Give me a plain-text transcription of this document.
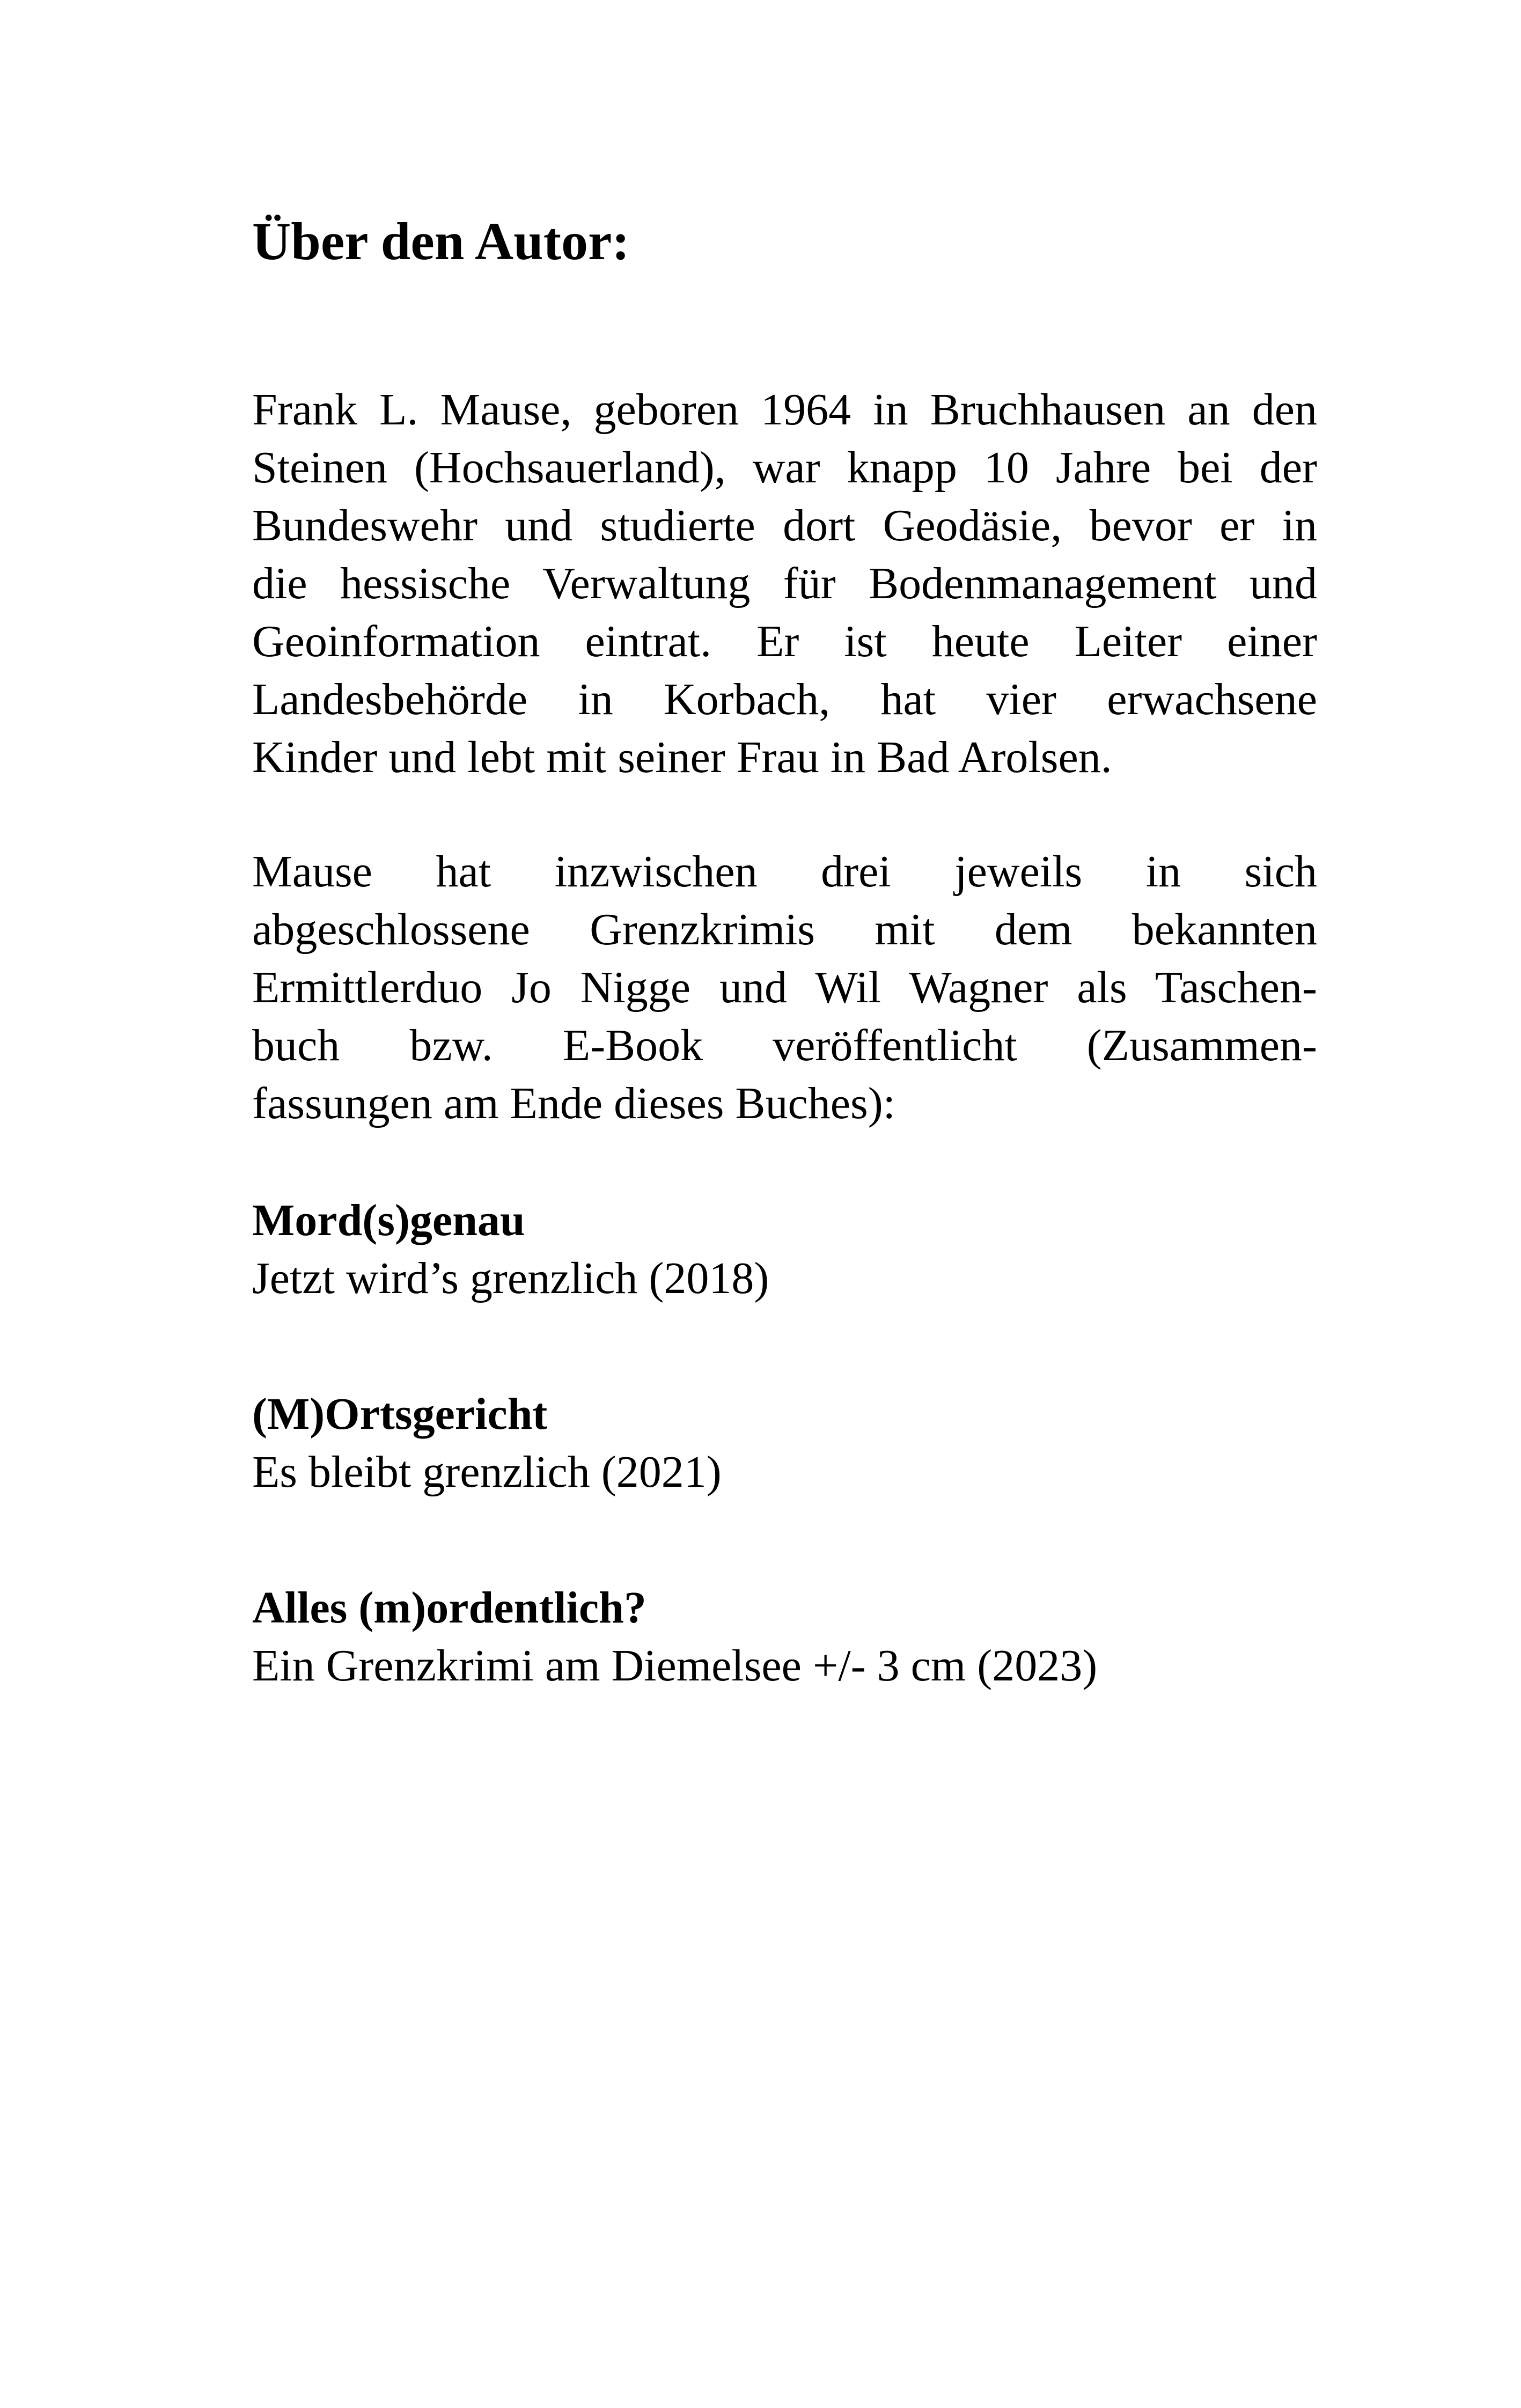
Über den Autor:

Frank L. Mause, geboren 1964 in Bruchhausen an den
Steinen (Hochsauerland), war knapp 10 Jahre bei der
Bundeswehr und studierte dort Geodäsie, bevor er in
die hessische Verwaltung für Bodenmanagement und
Geoinformation eintrat. Er ist heute Leiter einer
Landesbehörde in Korbach, hat vier erwachsene
Kinder und lebt mit seiner Frau in Bad Arolsen.

Mause hat inzwischen drei jeweils in sich
abgeschlossene Grenzkrimis mit dem bekannten
Ermittlerduo Jo Nigge und Wil Wagner als Taschen-
buch bzw. E-Book veröffentlicht (Zusammen-
fassungen am Ende dieses Buches):

Mord(s)genau

Jetzt wird’s grenzlich (2018)

(M)Ortsgericht

Es bleibt grenzlich (2021)

Alles (m)ordentlich?

Ein Grenzkrimi am Diemelsee +/- 3 cm (2023)
